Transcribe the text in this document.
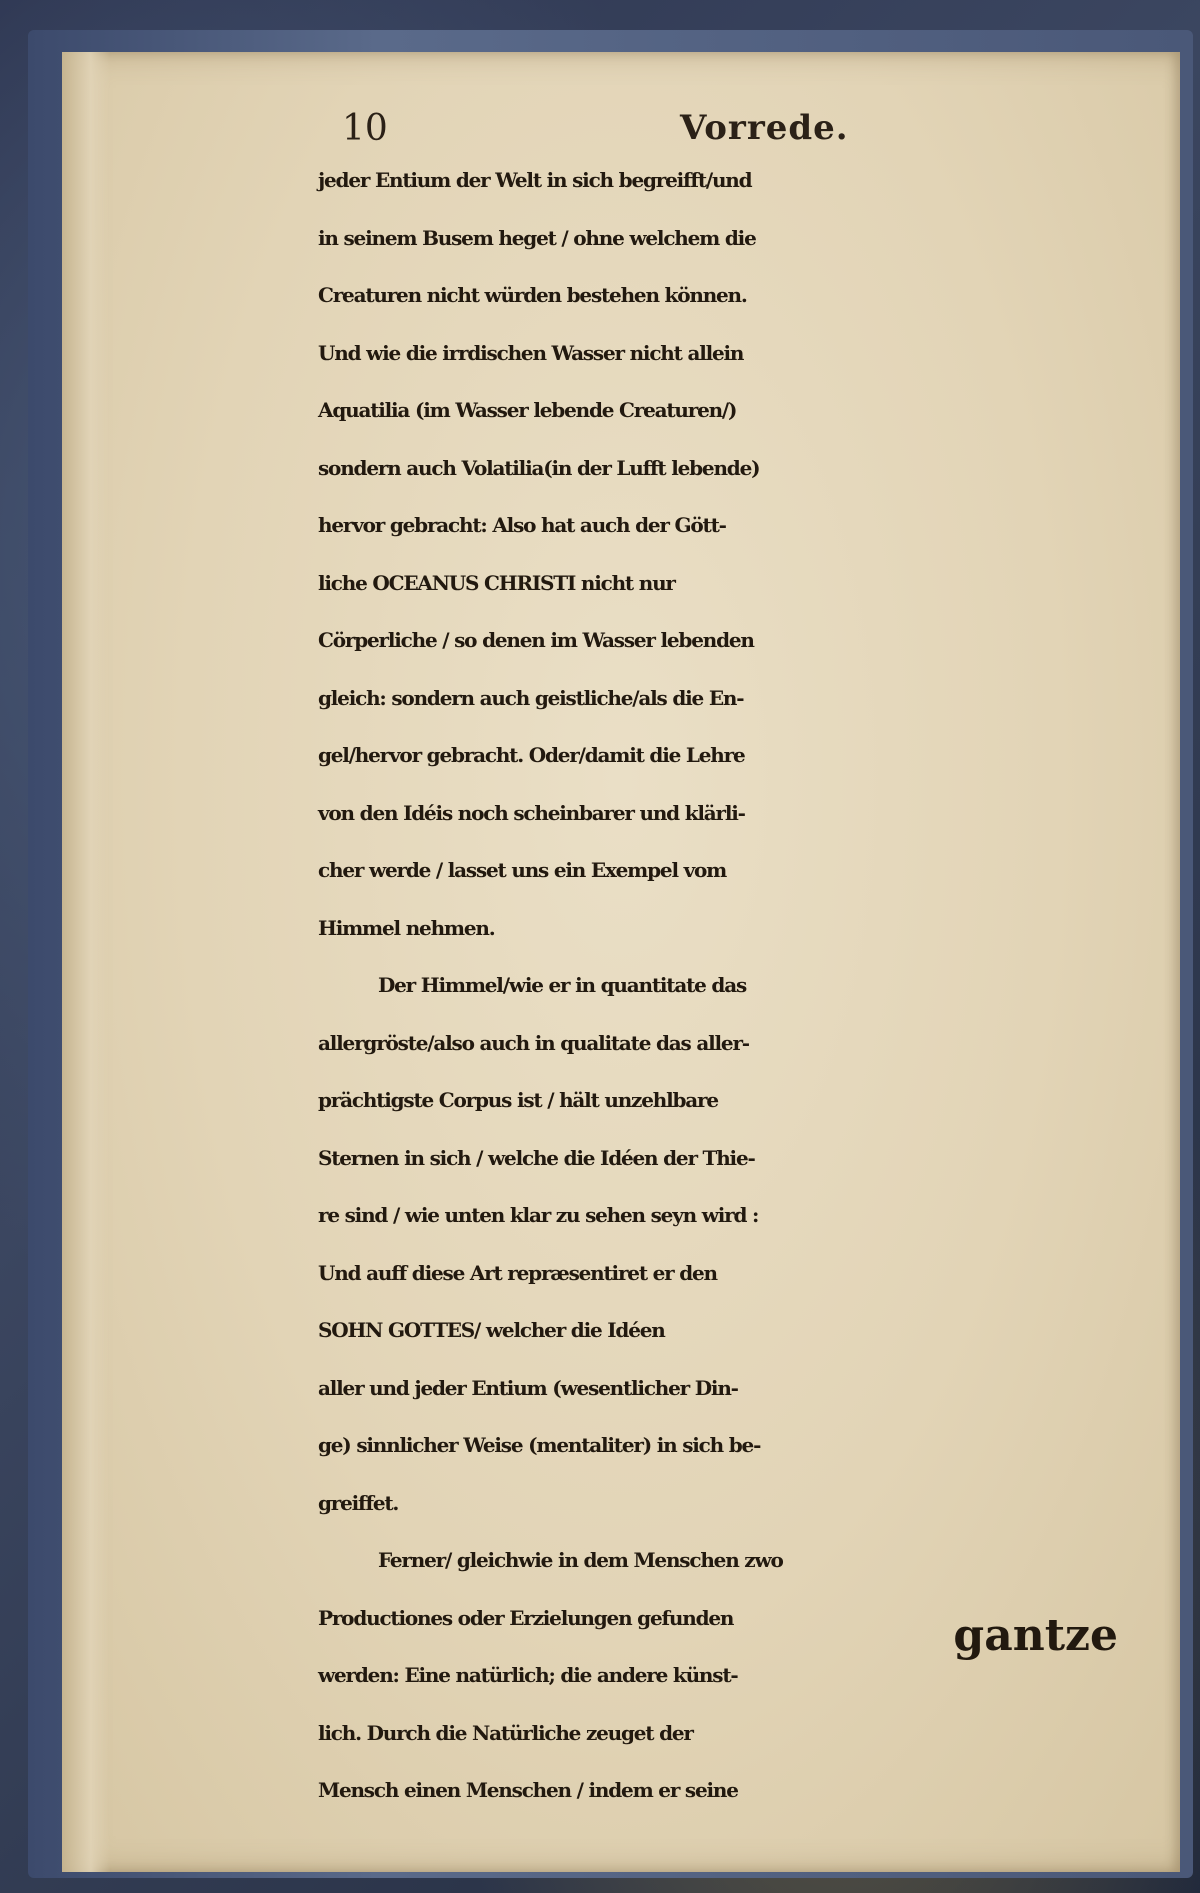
10	Vorrede.
jeder Entium der Welt in sich begreifft/und
in seinem Busem heget / ohne welchem die
Creaturen nicht würden bestehen können.
Und wie die irrdischen Wasser nicht allein
Aquatilia (im Wasser lebende Creaturen/)
sondern auch Volatilia(in der Lufft lebende)
hervor gebracht: Also hat auch der Gött-
liche OCEANUS CHRISTI nicht nur
Cörperliche / so denen im Wasser lebenden
gleich: sondern auch geistliche/als die En-
gel/hervor gebracht. Oder/damit die Lehre
von den Idéis noch scheinbarer und klärli-
cher werde / lasset uns ein Exempel vom
Himmel nehmen.
Der Himmel/wie er in quantitate das
allergröste/also auch in qualitate das aller-
prächtigste Corpus ist / hält unzehlbare
Sternen in sich / welche die Idéen der Thie-
re sind / wie unten klar zu sehen seyn wird :
Und auff diese Art repræsentiret er den
SOHN GOTTES/ welcher die Idéen
aller und jeder Entium (wesentlicher Din-
ge) sinnlicher Weise (mentaliter) in sich be-
greiffet.
Ferner/ gleichwie in dem Menschen zwo
Productiones oder Erzielungen gefunden
werden: Eine natürlich; die andere künst-
lich. Durch die Natürliche zeuget der
Mensch einen Menschen / indem er seine
gantze
